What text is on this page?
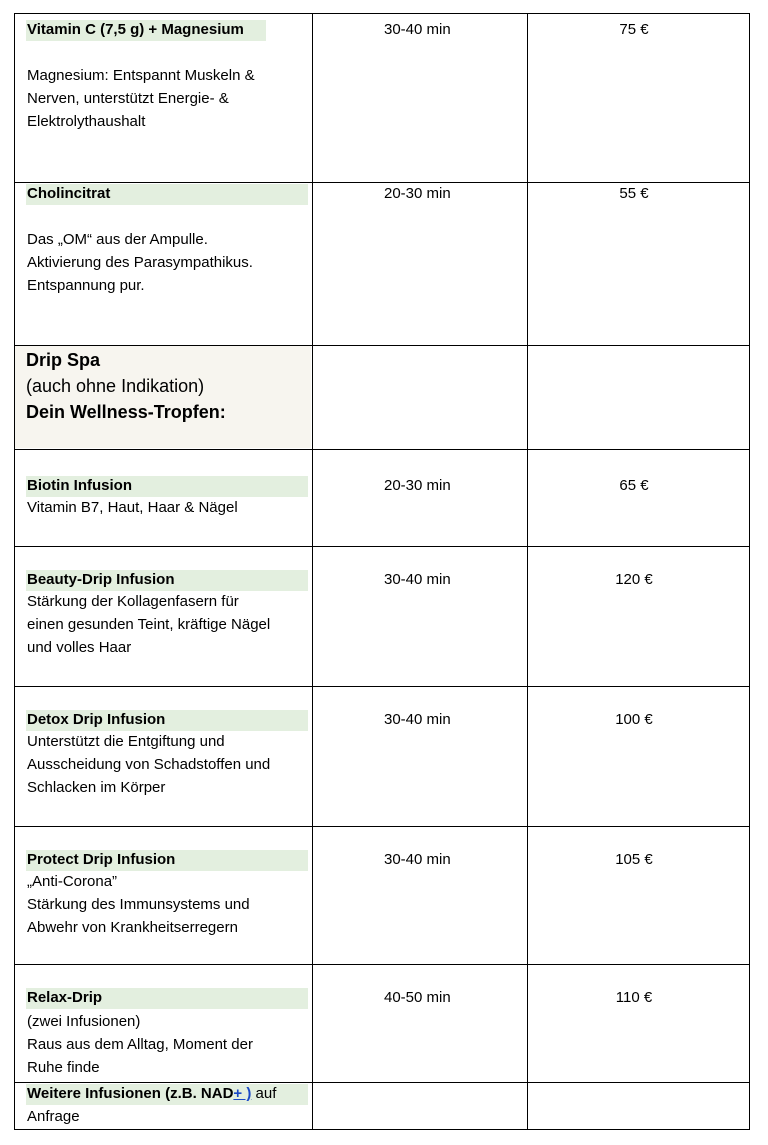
Vitamin C (7,5 g) + Magnesium
Magnesium: Entspannt Muskeln &
Nerven, unterstützt Energie- &
Elektrolythaushalt
30-40 min	75 €
Cholincitrat
Das „OM“ aus der Ampulle.
Aktivierung des Parasympathikus.
Entspannung pur.
20-30 min	55 €
Drip Spa
(auch ohne Indikation)
Dein Wellness-Tropfen:
Biotin Infusion
Vitamin B7, Haut, Haar & Nägel
20-30 min	65 €
Beauty-Drip Infusion
Stärkung der Kollagenfasern für
einen gesunden Teint, kräftige Nägel
und volles Haar
30-40 min	120 €
Detox Drip Infusion
Unterstützt die Entgiftung und
Ausscheidung von Schadstoffen und
Schlacken im Körper
30-40 min	100 €
Protect Drip Infusion
„Anti-Corona”
Stärkung des Immunsystems und
Abwehr von Krankheitserregern
30-40 min	105 €
Relax-Drip
(zwei Infusionen)
Raus aus dem Alltag, Moment der
Ruhe finde
40-50 min	110 €
Weitere Infusionen (z.B. NAD+ ) auf
Anfrage
